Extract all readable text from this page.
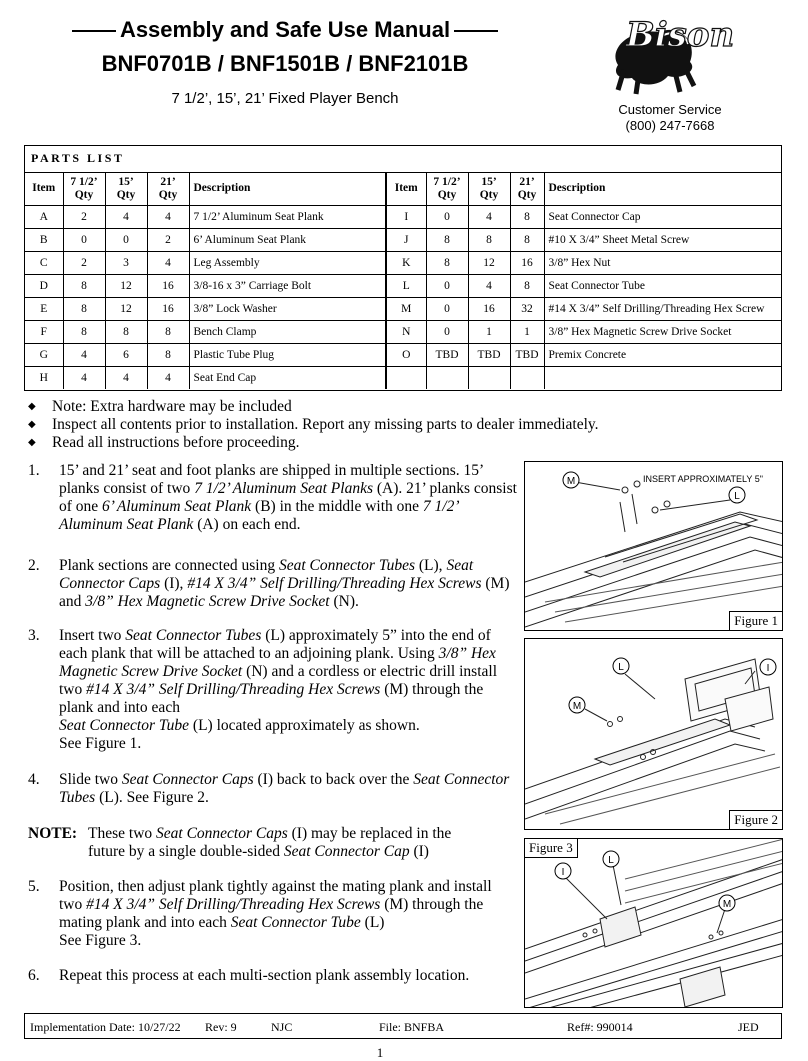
Assembly and Safe Use Manual
BNF0701B / BNF1501B / BNF2101B
7 1/2’, 15’, 21’ Fixed Player Bench
Bison
Customer Service
(800) 247-7668
PARTS LIST
Item	7 1/2’ Qty	15’ Qty	21’ Qty	Description	Item	7 1/2’ Qty	15’ Qty	21’ Qty	Description
A	2	4	4	7 1/2’ Aluminum Seat Plank	I	0	4	8	Seat Connector Cap
B	0	0	2	6’ Aluminum Seat Plank	J	8	8	8	#10 X 3/4” Sheet Metal Screw
C	2	3	4	Leg Assembly	K	8	12	16	3/8” Hex Nut
D	8	12	16	3/8-16 x 3” Carriage Bolt	L	0	4	8	Seat Connector Tube
E	8	12	16	3/8” Lock Washer	M	0	16	32	#14 X 3/4” Self Drilling/Threading Hex Screw
F	8	8	8	Bench Clamp	N	0	1	1	3/8” Hex Magnetic Screw Drive Socket
G	4	6	8	Plastic Tube Plug	O	TBD	TBD	TBD	Premix Concrete
H	4	4	4	Seat End Cap					
◆ Note: Extra hardware may be included
◆ Inspect all contents prior to installation. Report any missing parts to dealer immediately.
◆ Read all instructions before proceeding.
1.	15’ and 21’ seat and foot planks are shipped in multiple sections. 15’ planks consist of two 7 1/2’ Aluminum Seat Planks (A). 21’ planks consist of one 6’ Aluminum Seat Plank (B) in the middle with one 7 1/2’ Aluminum Seat Plank (A) on each end.
2.	Plank sections are connected using Seat Connector Tubes (L), Seat Connector Caps (I), #14 X 3/4” Self Drilling/Threading Hex Screws (M) and 3/8” Hex Magnetic Screw Drive Socket (N).
3.	Insert two Seat Connector Tubes (L) approximately 5” into the end of each plank that will be attached to an adjoining plank. Using 3/8” Hex Magnetic Screw Drive Socket (N) and a cordless or electric drill install two #14 X 3/4” Self Drilling/Threading Hex Screws (M) through the plank and into each
Seat Connector Tube (L) located approximately as shown.
See Figure 1.
4.	Slide two Seat Connector Caps (I) back to back over the Seat Connector Tubes (L). See Figure 2.
NOTE: These two Seat Connector Caps (I) may be replaced in the future by a single double-sided Seat Connector Cap (I)
5.	Position, then adjust plank tightly against the mating plank and install two #14 X 3/4” Self Drilling/Threading Hex Screws (M) through the mating plank and into each Seat Connector Tube (L)
See Figure 3.
6.	Repeat this process at each multi-section plank assembly location.
M
L
INSERT APPROXIMATELY 5"
Figure 1
L	I
M
Figure 2
I
L
M
Figure 3
Implementation Date: 10/27/22 Rev: 9	NJC	File: BNFBA	Ref#: 990014	JED
1
